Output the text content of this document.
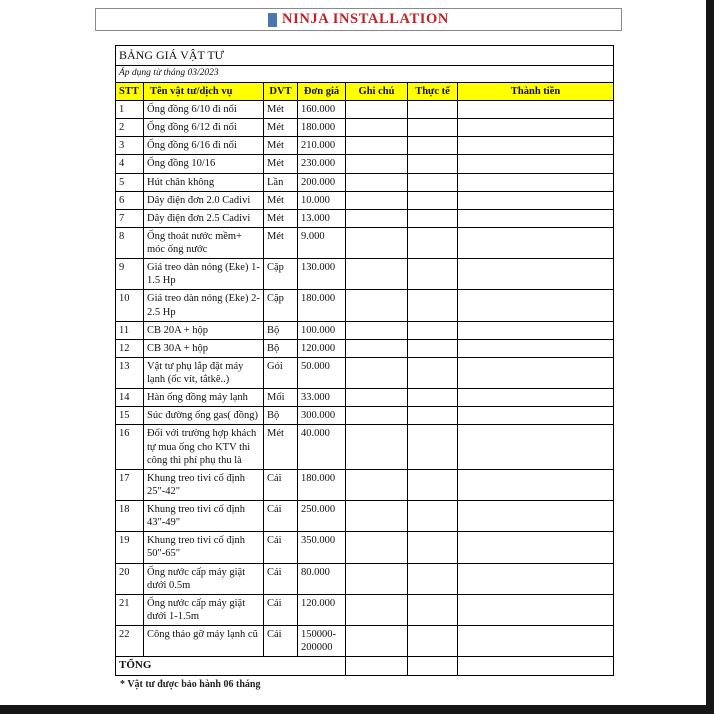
NINJA INSTALLATION
BẢNG GIÁ VẬT TƯ						
Áp dụng từ tháng 03/2023						
STT	Tên vật tư/dịch vụ	DVT	Đơn giá	Ghi chú	Thực tế	Thành tiền
1	Ống đồng 6/10 đi nổi	Mét	160.000			
2	Ống đồng 6/12 đi nổi	Mét	180.000			
3	Ống đồng 6/16 đi nổi	Mét	210.000			
4	Ống đồng 10/16	Mét	230.000			
5	Hút chân không	Lần	200.000			
6	Dây điện đơn 2.0 Cadivi	Mét	10.000			
7	Dây điện đơn 2.5 Cadivi	Mét	13.000			
8	Ống thoát nước mềm+ móc ống nước	Mét	9.000			
9	Giá treo dàn nóng (Eke) 1-1.5 Hp	Cặp	130.000			
10	Giá treo dàn nóng (Eke) 2-2.5 Hp	Cặp	180.000			
11	CB 20A + hộp	Bộ	100.000			
12	CB 30A + hộp	Bộ	120.000			
13	Vật tư phụ lắp đặt máy lạnh (ốc vít, tắtkê..)	Gói	50.000			
14	Hàn ống đồng máy lạnh	Mối	33.000			
15	Súc đường ống gas( đồng)	Bộ	300.000			
16	Đối với trường hợp khách tự mua ống cho KTV thì công thì phí phụ thu là	Mét	40.000			
17	Khung treo tivi cố định 25"-42"	Cái	180.000			
18	Khung treo tivi cố định 43"-49"	Cái	250.000			
19	Khung treo tivi cố định 50"-65"	Cái	350.000			
20	Ống nước cấp máy giặt dưới 0.5m	Cái	80.000			
21	Ống nước cấp máy giặt dưới 1-1.5m	Cái	120.000			
22	Công tháo gỡ máy lạnh cũ	Cái	150000-200000			
TỔNG						
* Vật tư được bảo hành 06 tháng
